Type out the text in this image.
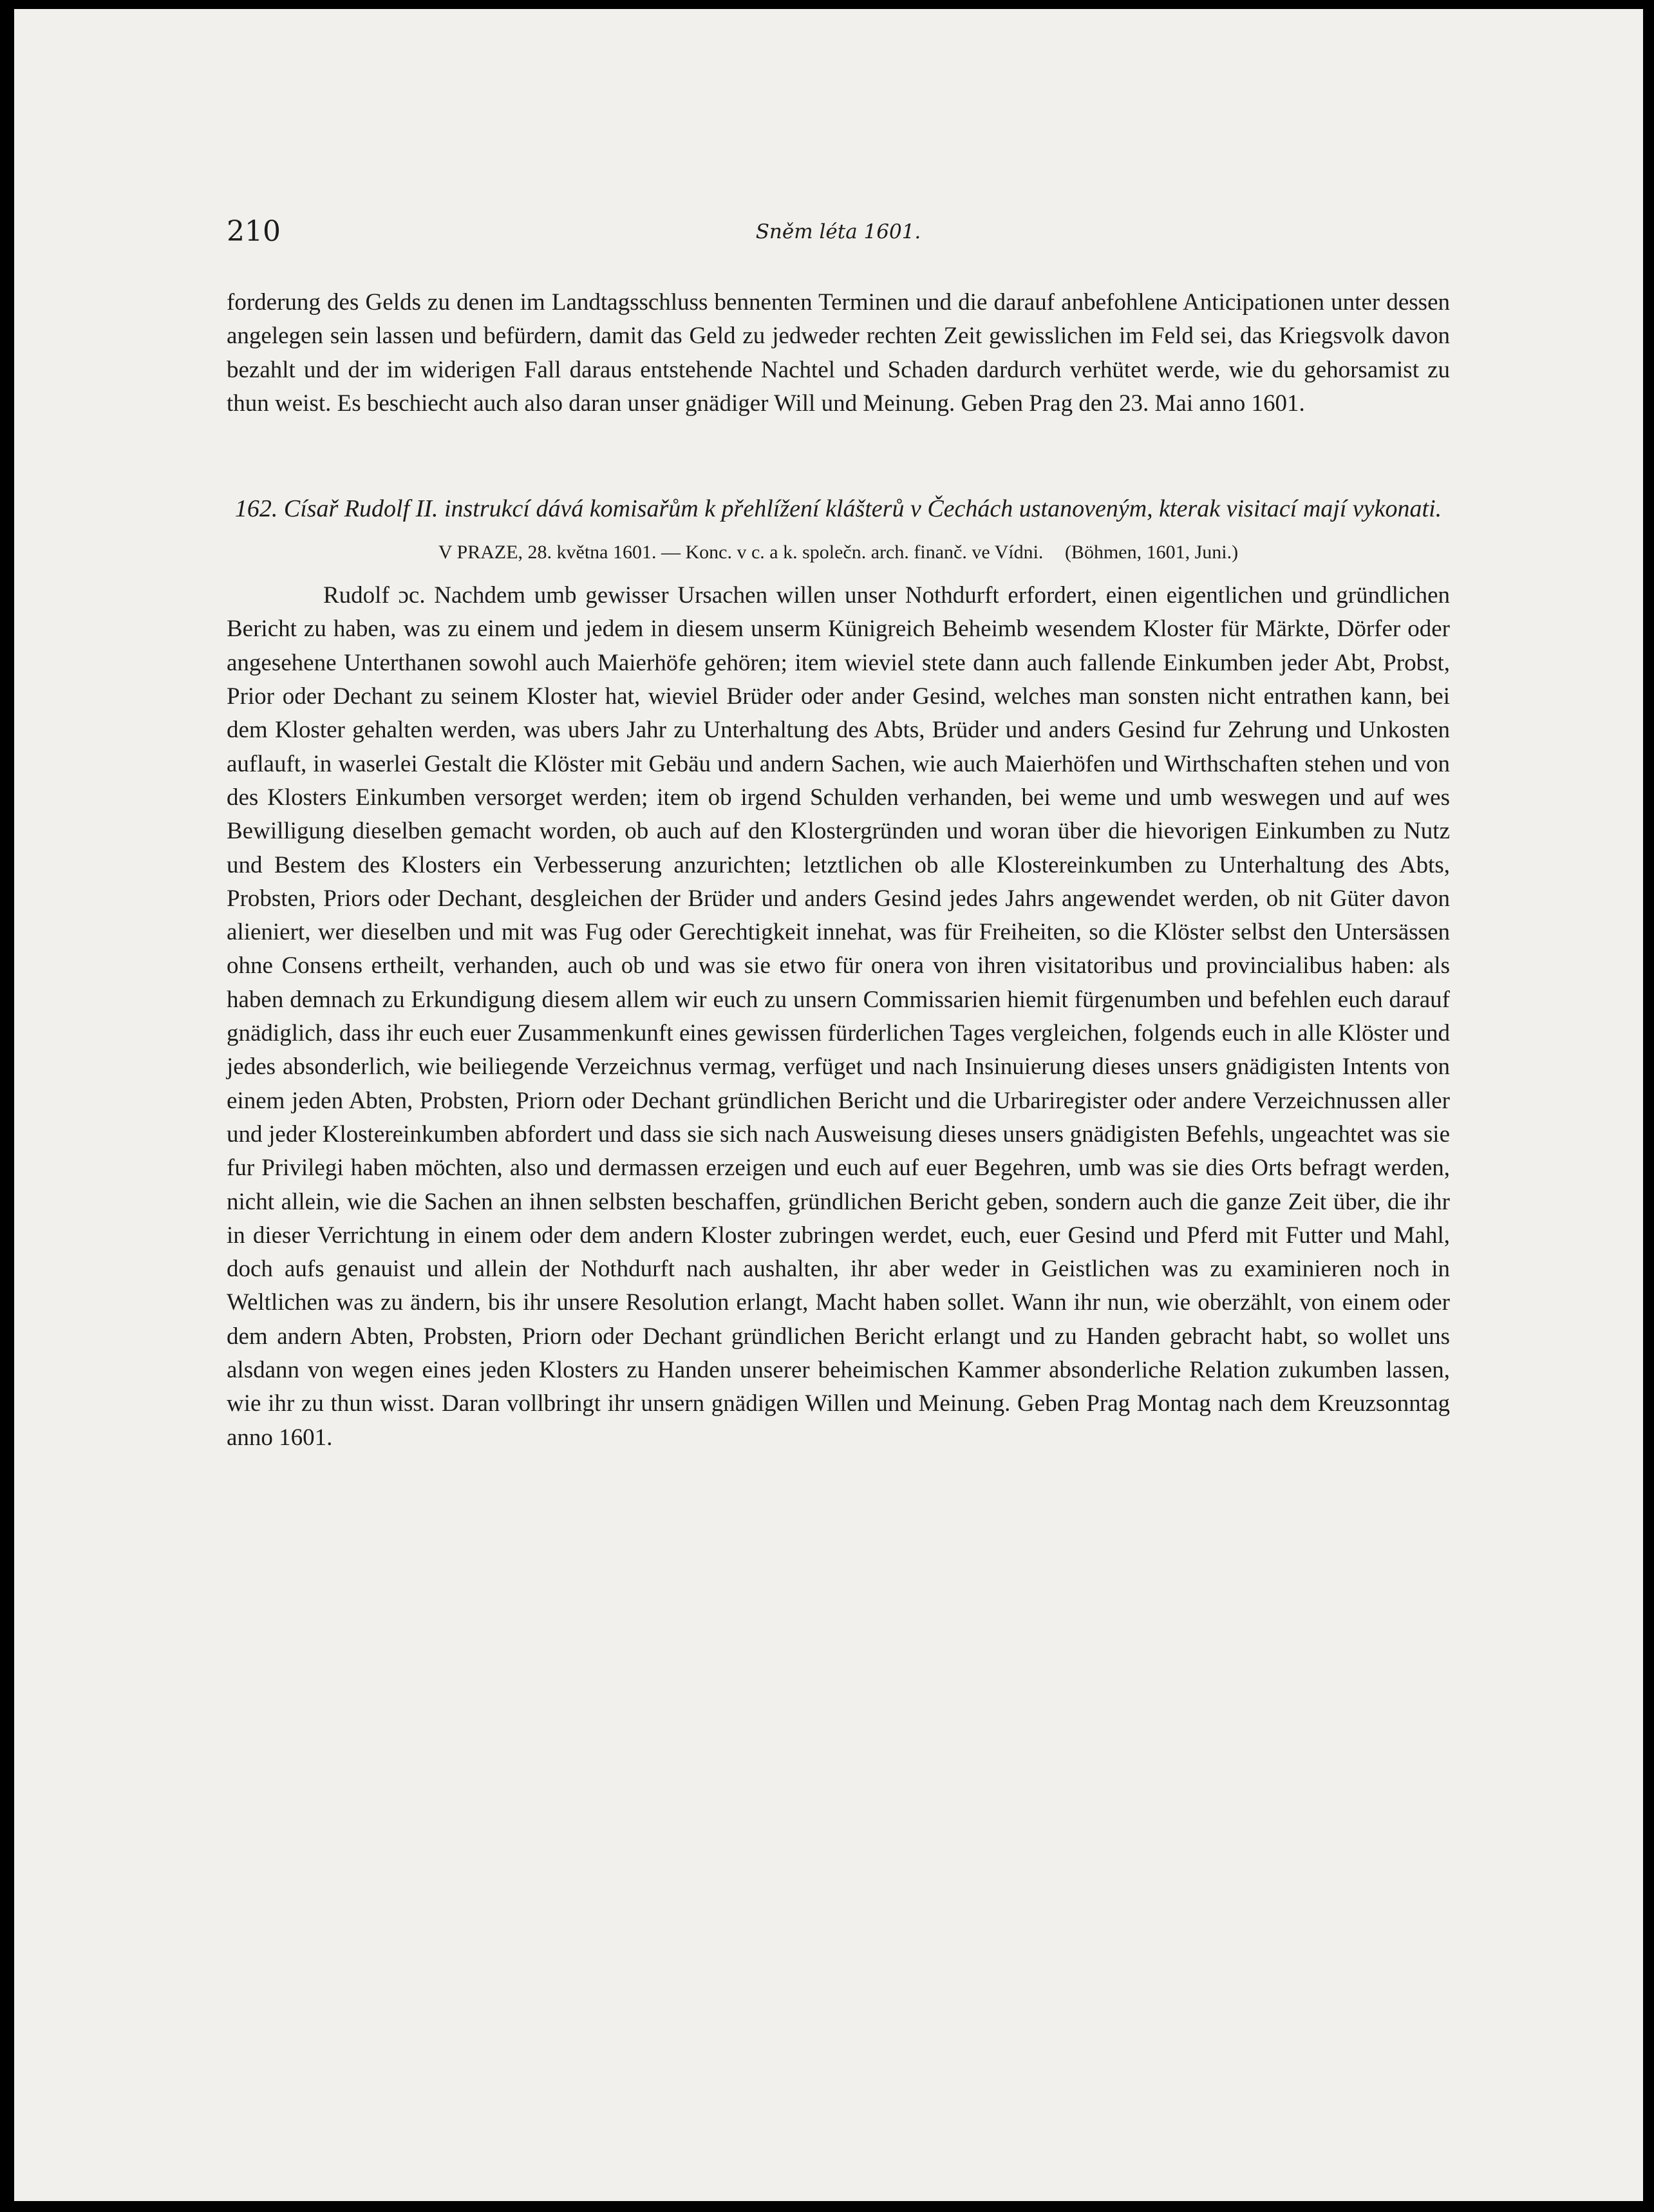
210	Sněm léta 1601.

forderung des Gelds zu denen im Landtagsschluss bennenten Terminen und die darauf anbefohlene Anticipationen unter dessen angelegen sein lassen und befürdern, damit das Geld zu jedweder rechten Zeit gewisslichen im Feld sei, das Kriegsvolk davon bezahlt und der im widerigen Fall daraus entstehende Nachtel und Schaden dardurch verhütet werde, wie du gehorsamist zu thun weist. Es beschiecht auch also daran unser gnädiger Will und Meinung. Geben Prag den 23. Mai anno 1601.

162. Císař Rudolf II. instrukcí dává komisařům k přehlížení klášterů v Čechách ustanoveným, kterak visitací mají vykonati.
V PRAZE, 28. května 1601. — Konc. v c. a k. společn. arch. finanč. ve Vídni. (Böhmen, 1601, Juni.)

Rudolf ɔc. Nachdem umb gewisser Ursachen willen unser Nothdurft erfordert, einen eigentlichen und gründlichen Bericht zu haben, was zu einem und jedem in diesem unserm Künigreich Beheimb wesendem Kloster für Märkte, Dörfer oder angesehene Unterthanen sowohl auch Maierhöfe gehören; item wieviel stete dann auch fallende Einkumben jeder Abt, Probst, Prior oder Dechant zu seinem Kloster hat, wieviel Brüder oder ander Gesind, welches man sonsten nicht entrathen kann, bei dem Kloster gehalten werden, was ubers Jahr zu Unterhaltung des Abts, Brüder und anders Gesind fur Zehrung und Unkosten auflauft, in waserlei Gestalt die Klöster mit Gebäu und andern Sachen, wie auch Maierhöfen und Wirthschaften stehen und von des Klosters Einkumben versorget werden; item ob irgend Schulden verhanden, bei weme und umb weswegen und auf wes Bewilligung dieselben gemacht worden, ob auch auf den Klostergründen und woran über die hievorigen Einkumben zu Nutz und Bestem des Klosters ein Verbesserung anzurichten; letztlichen ob alle Klostereinkumben zu Unterhaltung des Abts, Probsten, Priors oder Dechant, desgleichen der Brüder und anders Gesind jedes Jahrs angewendet werden, ob nit Güter davon alieniert, wer dieselben und mit was Fug oder Gerechtigkeit innehat, was für Freiheiten, so die Klöster selbst den Untersässen ohne Consens ertheilt, verhanden, auch ob und was sie etwo für onera von ihren visitatoribus und provincialibus haben: als haben demnach zu Erkundigung diesem allem wir euch zu unsern Commissarien hiemit fürgenumben und befehlen euch darauf gnädiglich, dass ihr euch euer Zusammenkunft eines gewissen fürderlichen Tages vergleichen, folgends euch in alle Klöster und jedes absonderlich, wie beiliegende Verzeichnus vermag, verfüget und nach Insinuierung dieses unsers gnädigisten Intents von einem jeden Abten, Probsten, Priorn oder Dechant gründlichen Bericht und die Urbariregister oder andere Verzeichnussen aller und jeder Klostereinkumben abfordert und dass sie sich nach Ausweisung dieses unsers gnädigisten Befehls, ungeachtet was sie fur Privilegi haben möchten, also und dermassen erzeigen und euch auf euer Begehren, umb was sie dies Orts befragt werden, nicht allein, wie die Sachen an ihnen selbsten beschaffen, gründlichen Bericht geben, sondern auch die ganze Zeit über, die ihr in dieser Verrichtung in einem oder dem andern Kloster zubringen werdet, euch, euer Gesind und Pferd mit Futter und Mahl, doch aufs genauist und allein der Nothdurft nach aushalten, ihr aber weder in Geistlichen was zu examinieren noch in Weltlichen was zu ändern, bis ihr unsere Resolution erlangt, Macht haben sollet. Wann ihr nun, wie oberzählt, von einem oder dem andern Abten, Probsten, Priorn oder Dechant gründlichen Bericht erlangt und zu Handen gebracht habt, so wollet uns alsdann von wegen eines jeden Klosters zu Handen unserer beheimischen Kammer absonderliche Relation zukumben lassen, wie ihr zu thun wisst. Daran vollbringt ihr unsern gnädigen Willen und Meinung. Geben Prag Montag nach dem Kreuzsonntag anno 1601.
